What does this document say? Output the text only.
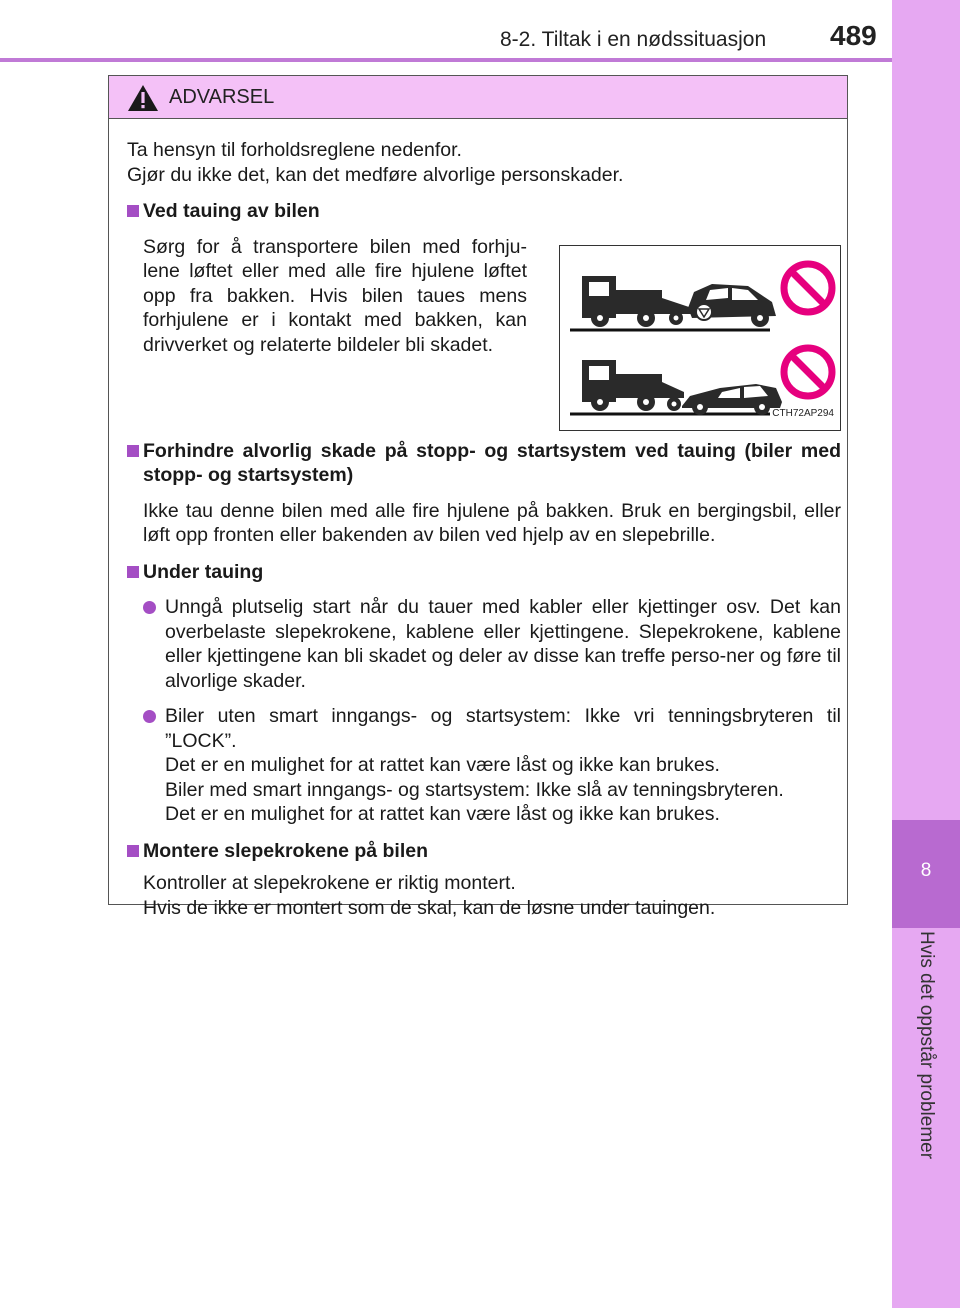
8-2. Tiltak i en nødssituasjon 489
8
Hvis det oppstår problemer
ADVARSEL

Ta hensyn til forholdsreglene nedenfor.

Gjør du ikke det, kan det medføre alvorlige personskader.

Ved tauing av bilen
Sørg for å transportere bilen med forhju-lene løftet eller med alle fire hjulene løftet opp fra bakken. Hvis bilen taues mens forhjulene er i kontakt med bakken, kan drivverket og relaterte bildeler bli skadet.
CTH72AP294
Forhindre alvorlig skade på stopp- og startsystem ved tauing (biler med stopp- og startsystem)
Ikke tau denne bilen med alle fire hjulene på bakken. Bruk en bergingsbil, eller løft opp fronten eller bakenden av bilen ved hjelp av en slepebrille.
Under tauing

Unngå plutselig start når du tauer med kabler eller kjettinger osv. Det kan overbelaste slepekrokene, kablene eller kjettingene. Slepekrokene, kablene eller kjettingene kan bli skadet og deler av disse kan treffe perso-ner og føre til alvorlige skader.

Biler uten smart inngangs- og startsystem: Ikke vri tenningsbryteren til ”LOCK”.

Det er en mulighet for at rattet kan være låst og ikke kan brukes.

Biler med smart inngangs- og startsystem: Ikke slå av tenningsbryteren.

Det er en mulighet for at rattet kan være låst og ikke kan brukes.

Montere slepekrokene på bilen

Kontroller at slepekrokene er riktig montert.

Hvis de ikke er montert som de skal, kan de løsne under tauingen.
